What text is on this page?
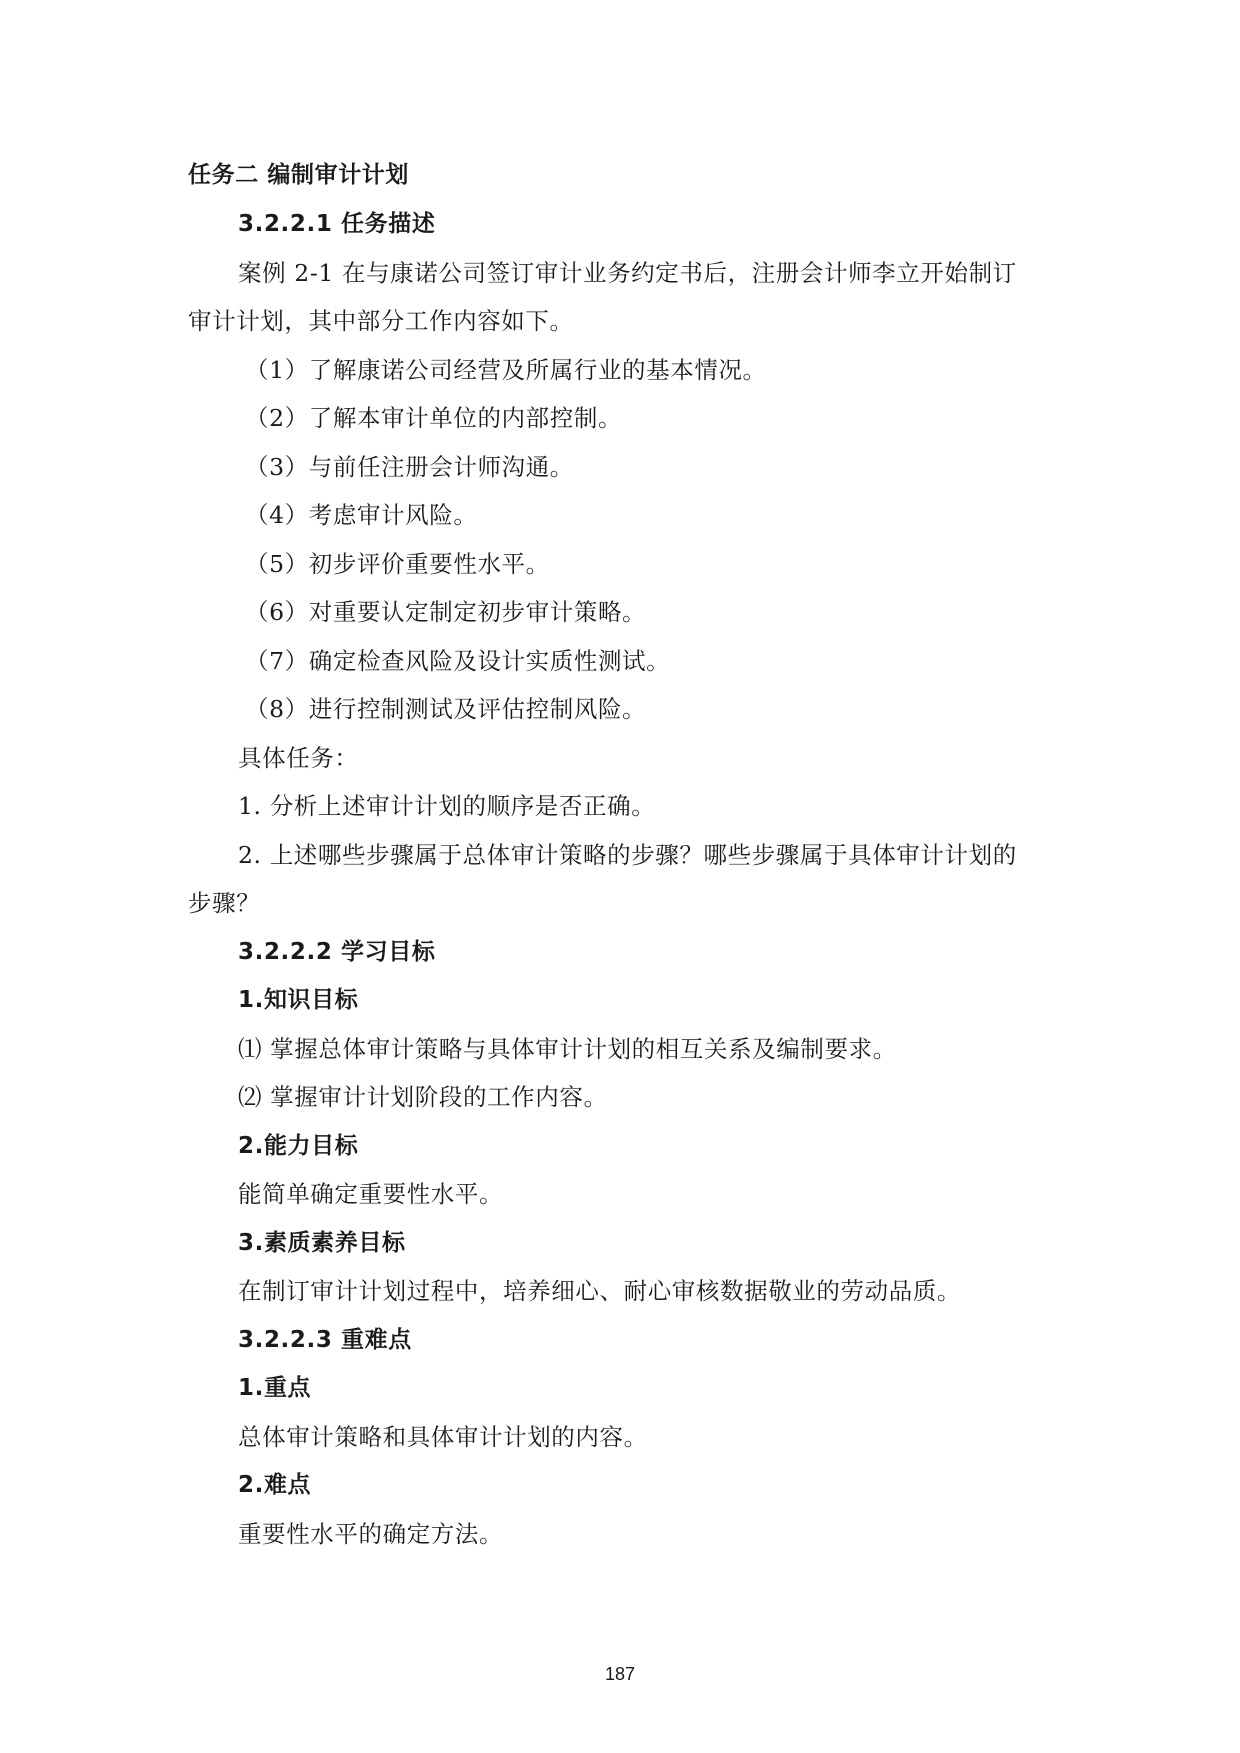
任务二 编制审计计划
3.2.2.1 任务描述
案例 2-1 在与康诺公司签订审计业务约定书后，注册会计师李立开始制订
审计计划，其中部分工作内容如下。
（1）了解康诺公司经营及所属行业的基本情况。
（2）了解本审计单位的内部控制。
（3）与前任注册会计师沟通。
（4）考虑审计风险。
（5）初步评价重要性水平。
（6）对重要认定制定初步审计策略。
（7）确定检查风险及设计实质性测试。
（8）进行控制测试及评估控制风险。
具体任务：
1. 分析上述审计计划的顺序是否正确。
2. 上述哪些步骤属于总体审计策略的步骤？哪些步骤属于具体审计计划的
步骤？
3.2.2.2 学习目标
1.知识目标
⑴ 掌握总体审计策略与具体审计计划的相互关系及编制要求。
⑵ 掌握审计计划阶段的工作内容。
2.能力目标
能简单确定重要性水平。
3.素质素养目标
在制订审计计划过程中，培养细心、耐心审核数据敬业的劳动品质。
3.2.2.3 重难点
1.重点
总体审计策略和具体审计计划的内容。
2.难点
重要性水平的确定方法。
187
